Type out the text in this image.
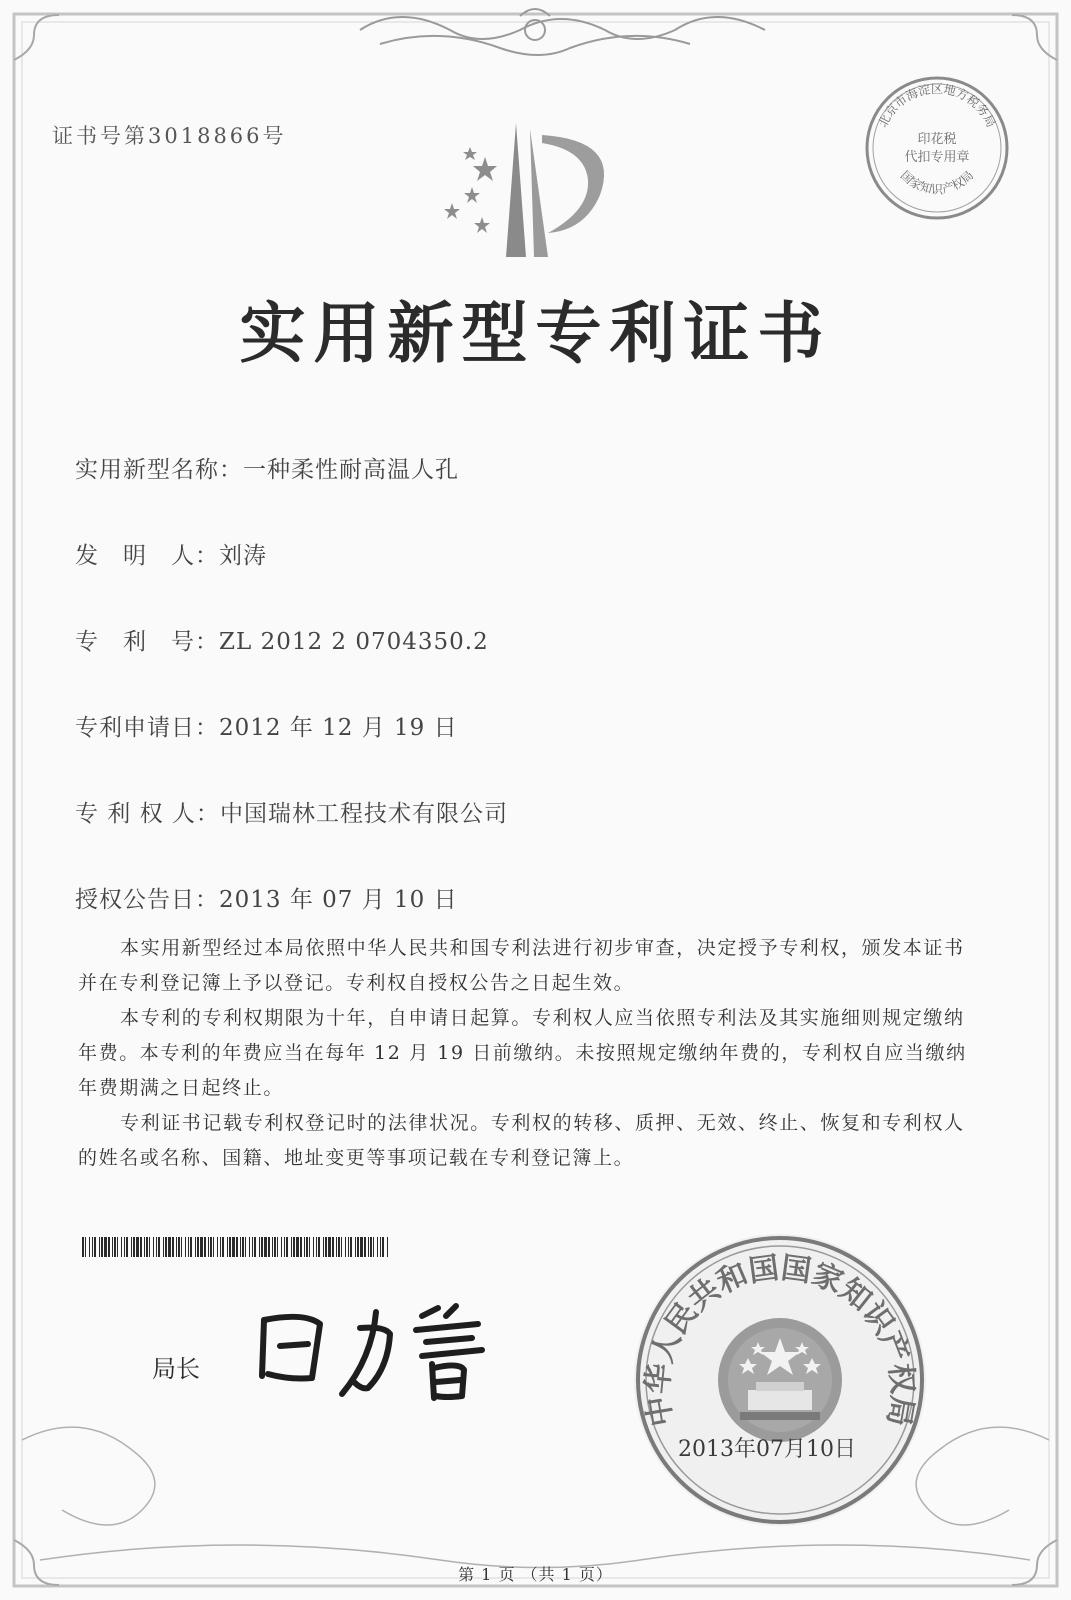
证书号第3018866号
北京市海淀区地方税务局
国家知识产权局
印花税
代扣专用章
实用新型专利证书
实用新型名称：一种柔性耐高温人孔
发　明　人：刘涛
专　利　号：ZL 2012 2 0704350.2
专利申请日：2012 年 12 月 19 日
专 利 权 人：中国瑞林工程技术有限公司
授权公告日：2013 年 07 月 10 日
本实用新型经过本局依照中华人民共和国专利法进行初步审查，决定授予专利权，颁发本证书并在专利登记簿上予以登记。专利权自授权公告之日起生效。
本专利的专利权期限为十年，自申请日起算。专利权人应当依照专利法及其实施细则规定缴纳年费。本专利的年费应当在每年 12 月 19 日前缴纳。未按照规定缴纳年费的，专利权自应当缴纳年费期满之日起终止。
专利证书记载专利权登记时的法律状况。专利权的转移、质押、无效、终止、恢复和专利权人的姓名或名称、国籍、地址变更等事项记载在专利登记簿上。
局长
中华人民共和国国家知识产权局
2013年07月10日
第 1 页 （共 1 页）
